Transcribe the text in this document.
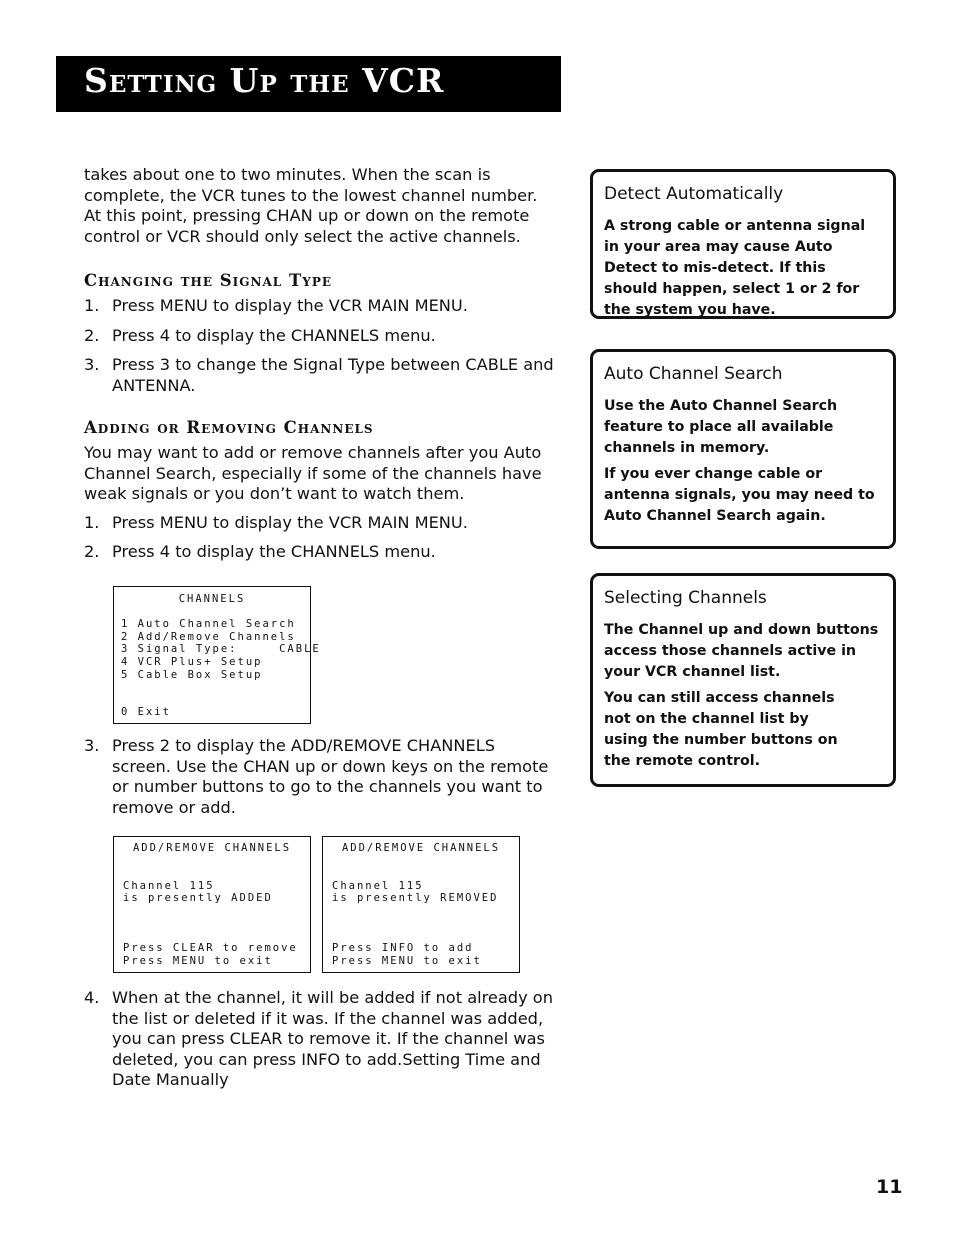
Setting Up the VCR

takes about one to two minutes. When the scan is complete, the VCR tunes to the lowest channel number. At this point, pressing CHAN up or down on the remote control or VCR should only select the active channels.

Changing the Signal Type
1. Press MENU to display the VCR MAIN MENU.
2. Press 4 to display the CHANNELS menu.
3. Press 3 to change the Signal Type between CABLE and ANTENNA.
Adding or Removing Channels

You may want to add or remove channels after you Auto Channel Search, especially if some of the channels have weak signals or you don’t want to watch them.

1. Press MENU to display the VCR MAIN MENU.
2. Press 4 to display the CHANNELS menu.
3. Press 2 to display the ADD/REMOVE CHANNELS screen. Use the CHAN up or down keys on the remote or number buttons to go to the channels you want to remove or add.
4. When at the channel, it will be added if not already on the list or deleted if it was. If the channel was added, you can press CLEAR to remove it. If the channel was deleted, you can press INFO to add.Setting Time and Date Manually

CHANNELS

1 Auto Channel Search

2 Add/Remove Channels

3 Signal Type:     CABLE

4 VCR Plus+ Setup

5 Cable Box Setup

0 Exit

ADD/REMOVE CHANNELS

Channel 115

is presently ADDED

Press CLEAR to remove

Press MENU to exit

ADD/REMOVE CHANNELS

Channel 115

is presently REMOVED

Press INFO to add

Press MENU to exit

Detect Automatically

A strong cable or antenna signal in your area may cause Auto Detect to mis-detect. If this should happen, select 1 or 2 for the system you have.

Auto Channel Search

Use the Auto Channel Search feature to place all available channels in memory.

If you ever change cable or antenna signals, you may need to Auto Channel Search again.

Selecting Channels

The Channel up and down buttons access those channels active in your VCR channel list.

You can still access channels not on the channel list by using the number buttons on the remote control.

11
